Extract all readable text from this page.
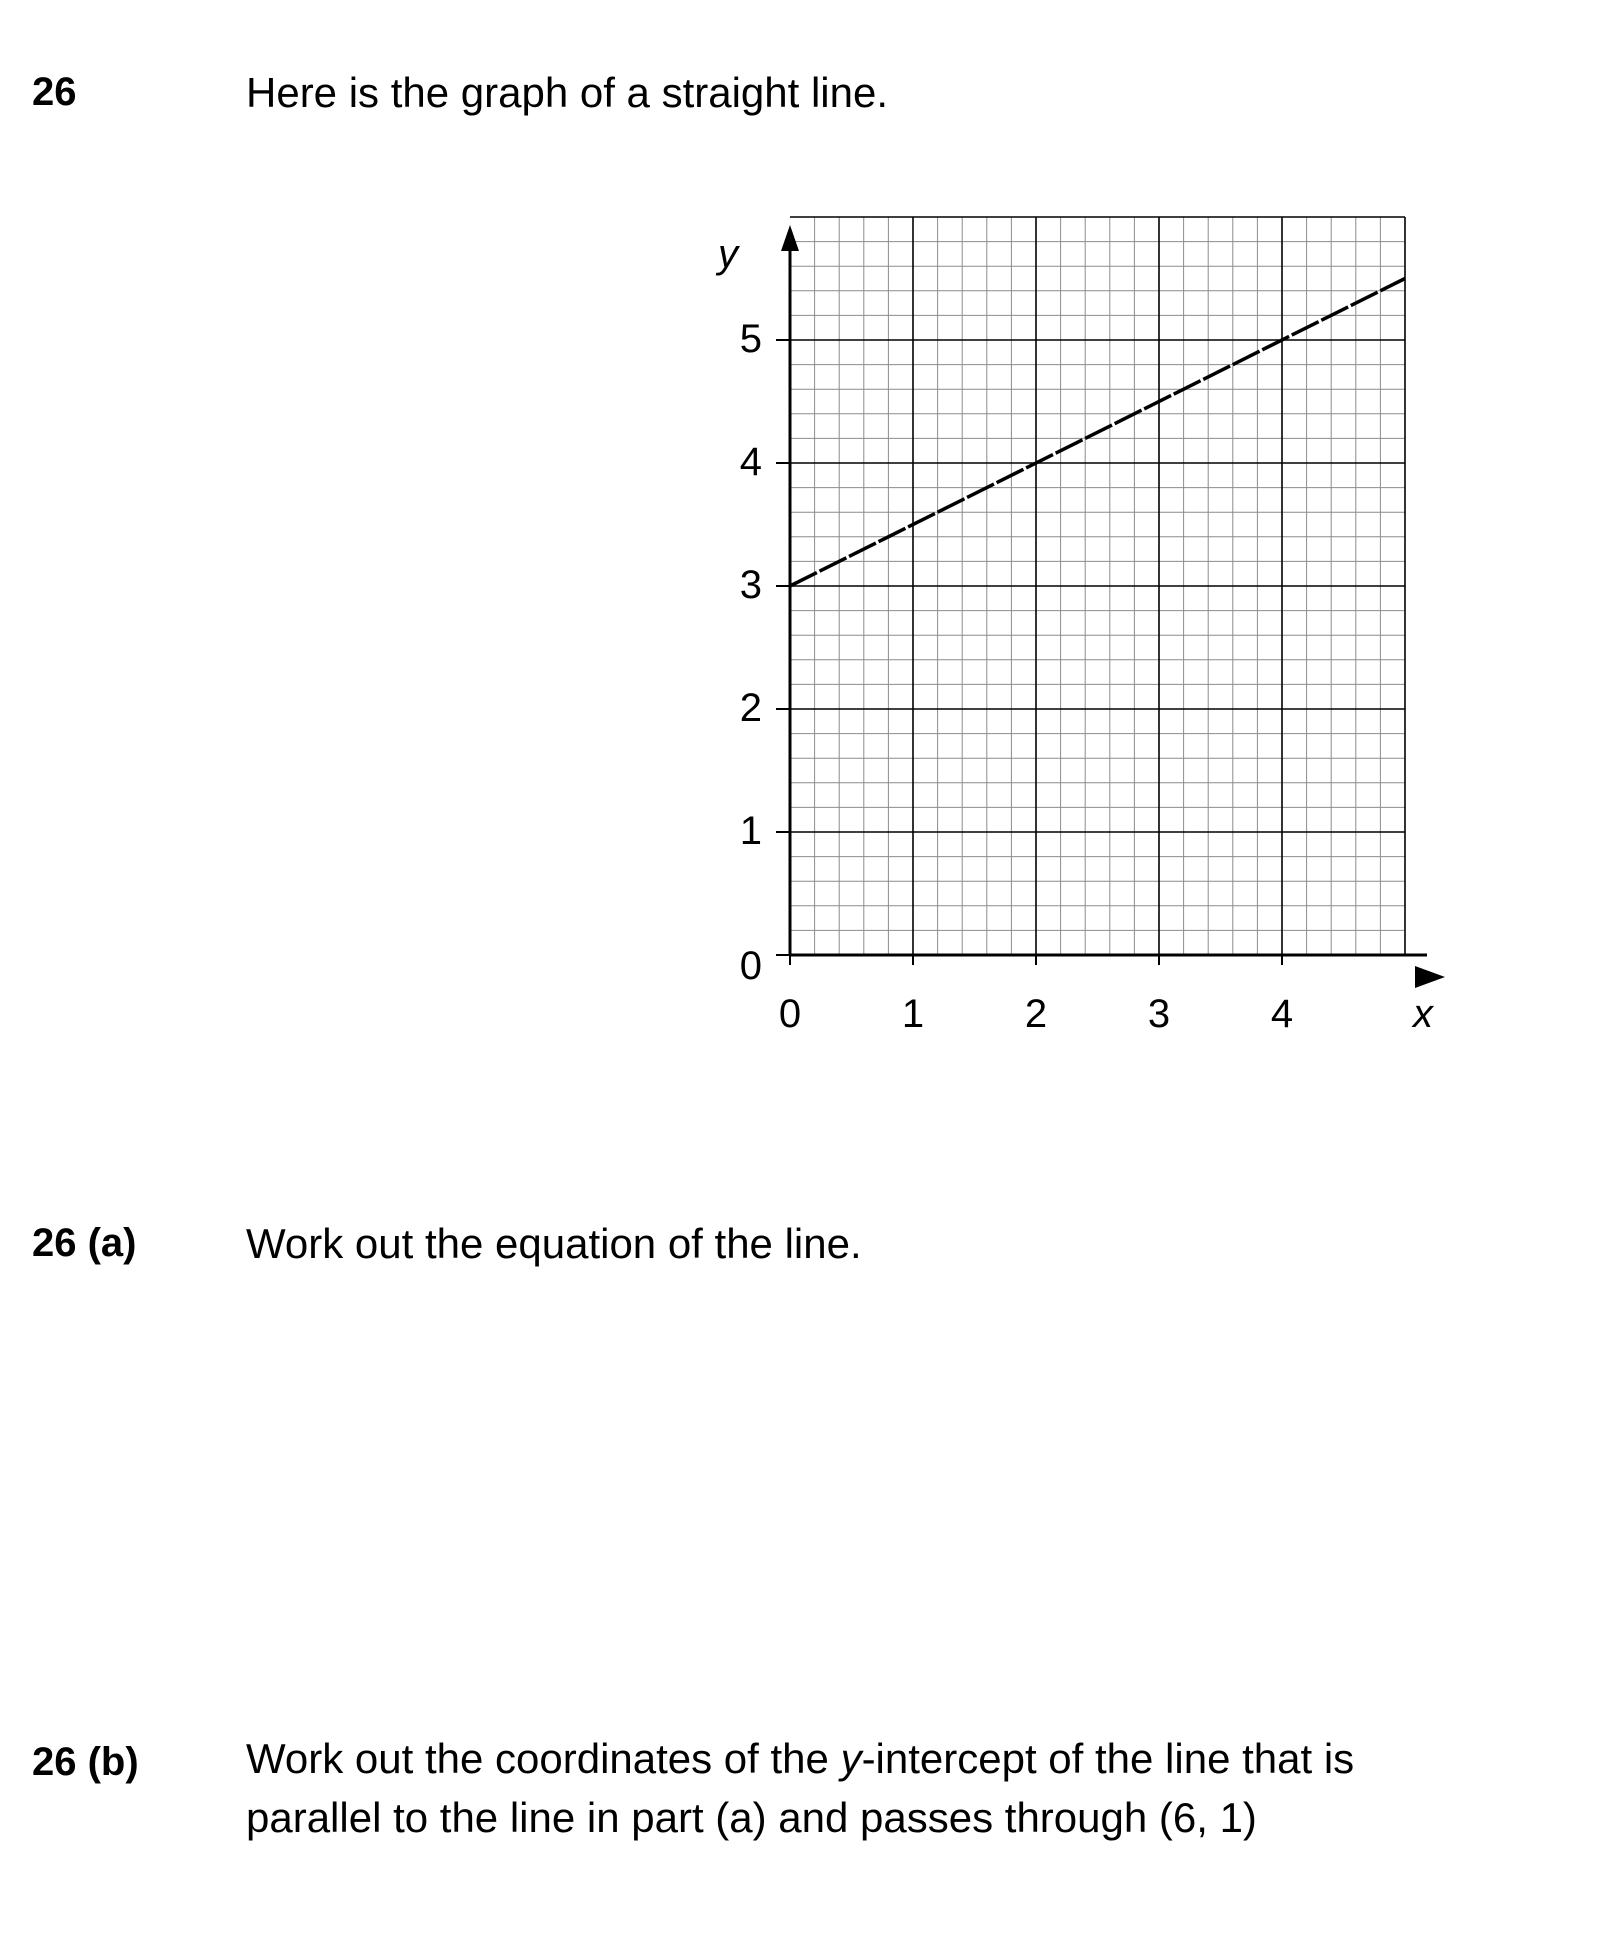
26	Here is the graph of a straight line.
0	1	2	3	4
0
1
2
3
4
5
x
y
26 (a)	Work out the equation of the line.
26 (b)	Work out the coordinates of the y-intercept of the line that is
parallel to the line in part (a) and passes through (6, 1)
